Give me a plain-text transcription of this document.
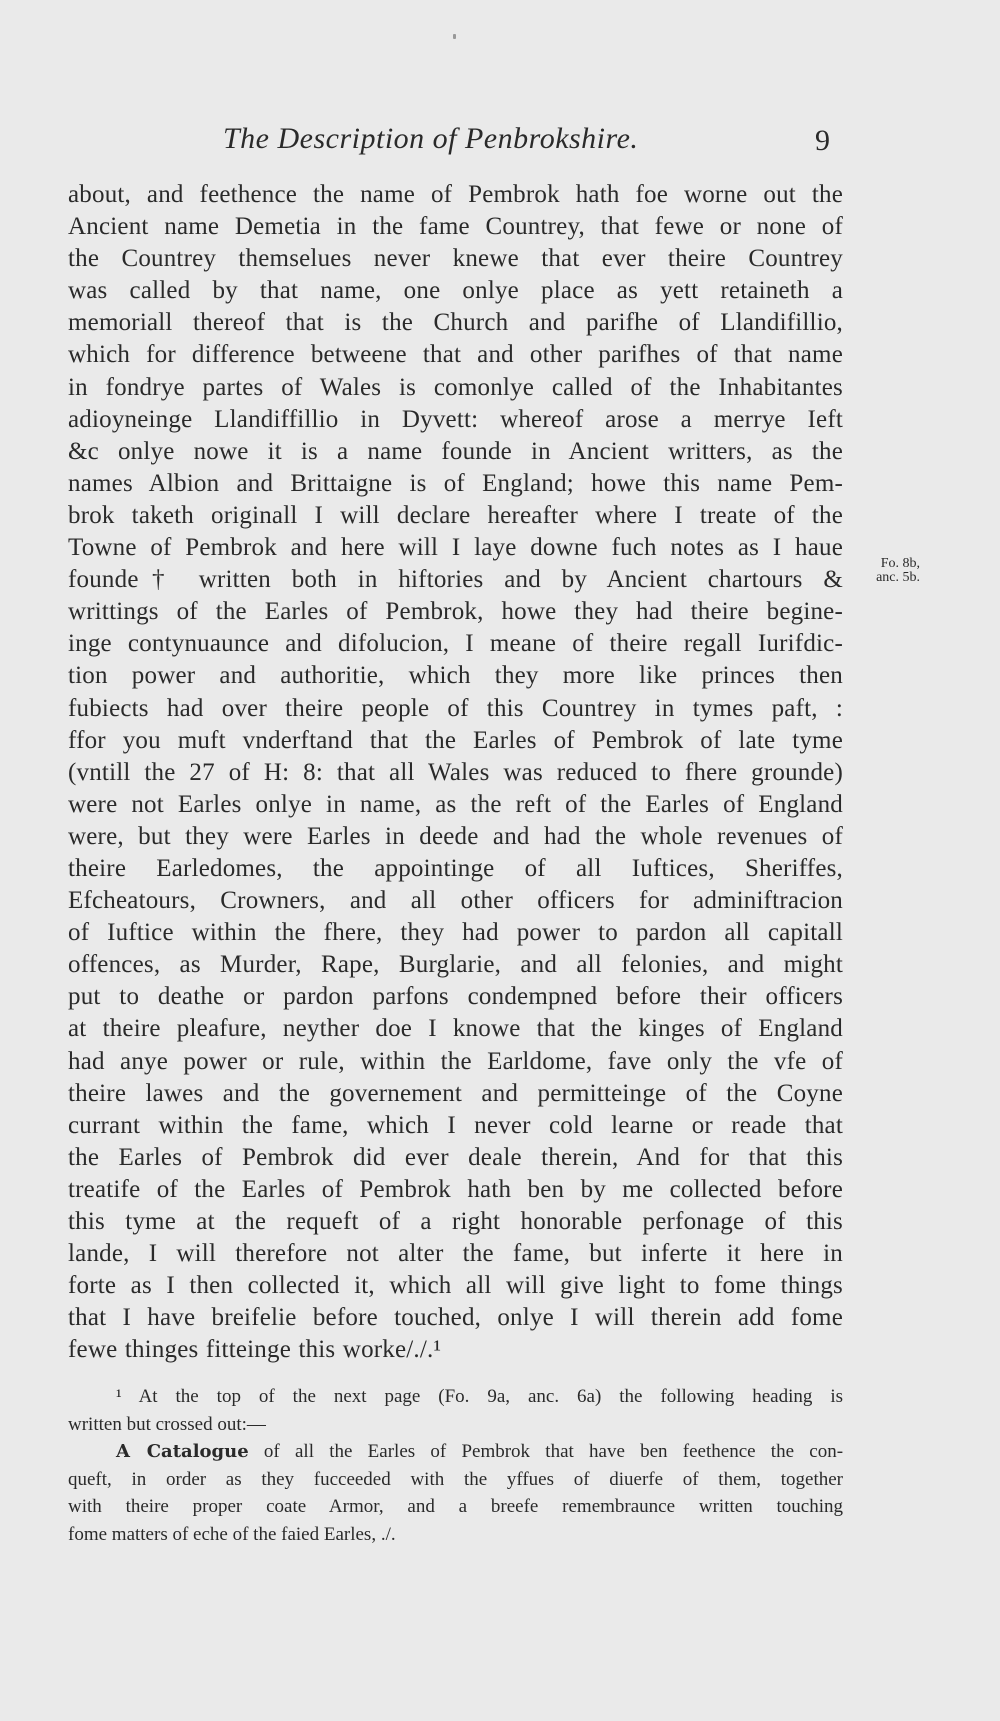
The Description of Penbrokshire.	9
about, and feethence the name of Pembrok hath foe worne out the
Ancient name Demetia in the fame Countrey, that fewe or none of
the Countrey themselues never knewe that ever theire Countrey
was called by that name, one onlye place as yett retaineth a
memoriall thereof that is the Church and parifhe of Llandifillio,
which for difference betweene that and other parifhes of that name
in fondrye partes of Wales is comonlye called of the Inhabitantes
adioyneinge Llandiffillio in Dyvett: whereof arose a merrye Ieft
&c onlye nowe it is a name founde in Ancient writters, as the
names Albion and Brittaigne is of England; howe this name Pem-
brok taketh originall I will declare hereafter where I treate of the
Towne of Pembrok and here will I laye downe fuch notes as I haue
founde† written both in hiftories and by Ancient chartours &
writtings of the Earles of Pembrok, howe they had theire begine-
inge contynuaunce and difolucion, I meane of theire regall Iurifdic-
tion power and authoritie, which they more like princes then
fubiects had over theire people of this Countrey in tymes paft, :
ffor you muft vnderftand that the Earles of Pembrok of late tyme
(vntill the 27 of H: 8: that all Wales was reduced to fhere grounde)
were not Earles onlye in name, as the reft of the Earles of England
were, but they were Earles in deede and had the whole revenues of
theire Earledomes, the appointinge of all Iuftices, Sheriffes,
Efcheatours, Crowners, and all other officers for adminiftracion
of Iuftice within the fhere, they had power to pardon all capitall
offences, as Murder, Rape, Burglarie, and all felonies, and might
put to deathe or pardon parfons condempned before their officers
at theire pleafure, neyther doe I knowe that the kinges of England
had anye power or rule, within the Earldome, fave only the vfe of
theire lawes and the governement and permitteinge of the Coyne
currant within the fame, which I never cold learne or reade that
the Earles of Pembrok did ever deale therein, And for that this
treatife of the Earles of Pembrok hath ben by me collected before
this tyme at the requeft of a right honorable perfonage of this
lande, I will therefore not alter the fame, but inferte it here in
forte as I then collected it, which all will give light to fome things
that I have breifelie before touched, onlye I will therein add fome
fewe thinges fitteinge this worke/./.¹
Fo. 8b,
anc. 5b.
¹ At the top of the next page (Fo. 9a, anc. 6a) the following heading is
written but crossed out:—
A Catalogue of all the Earles of Pembrok that have ben feethence the con-
queft, in order as they fucceeded with the yffues of diuerfe of them, together
with theire proper coate Armor, and a breefe remembraunce written touching
fome matters of eche of the faied Earles, ./.
